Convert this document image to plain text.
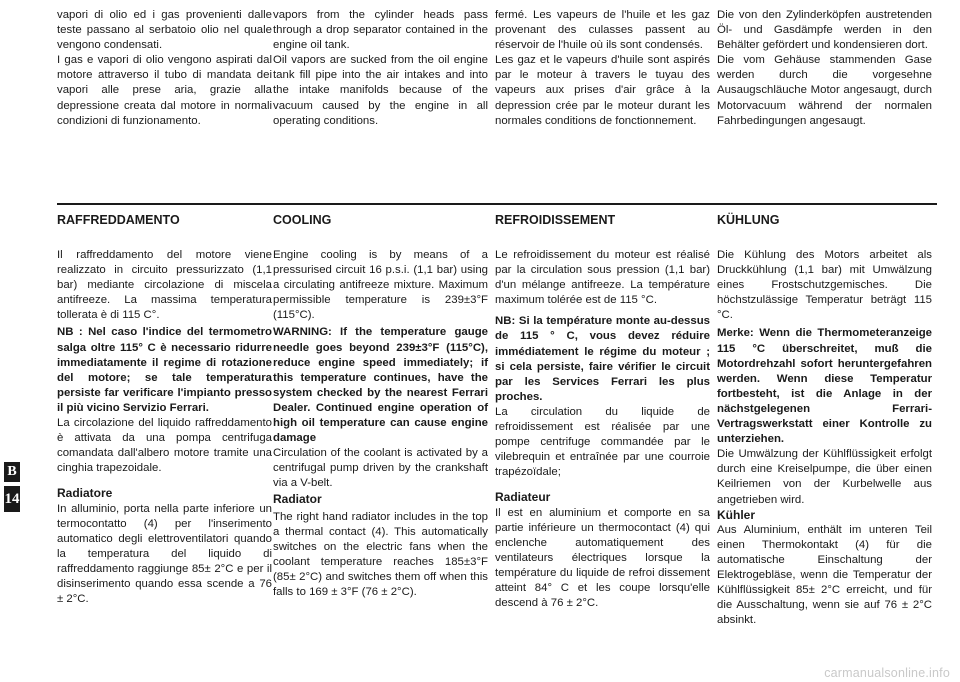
vapori di olio ed i gas provenienti dalle teste passano al serbatoio olio nel quale vengono condensati.

I gas e vapori di olio vengono aspirati dal motore attraverso il tubo di mandata dei vapori alle prese aria, grazie alla depressione creata dal motore in normali condizioni di funzionamento.

vapors from the cylinder heads pass through a drop separator contained in the engine oil tank.

Oil vapors are sucked from the oil engine tank fill pipe into the air intakes and into the intake manifolds because of the vacuum caused by the engine in all operating conditions.

fermé. Les vapeurs de l'huile et les gaz provenant des culasses passent au réservoir de l'huile où ils sont condensés.

Les gaz et le vapeurs d'huile sont aspirés par le moteur à travers le tuyau des vapeurs aux prises d'air grâce à la depression crée par le moteur durant les normales conditions de fonctionnement.

Die von den Zylinderköpfen austretenden Öl- und Gasdämpfe werden in den Behälter gefördert und kondensieren dort.

Die vom Gehäuse stammenden Gase werden durch die vorgesehne Ausaugschläuche Motor angesaugt, durch Motorvacuum während der normalen Fahrbedingungen angesaugt.

RAFFREDDAMENTO	COOLING	REFROIDISSEMENT	KÜHLUNG

Il raffreddamento del motore viene realizzato in circuito pressurizzato (1,1 bar) mediante circolazione di miscela antifreeze. La massima temperatura tollerata è di 115 C°.

NB : Nel caso l'indice del termometro salga oltre 115° C è necessario ridurre immediatamente il regime di rotazione del motore; se tale temperatura persiste far verificare l'impianto presso il più vicino Servizio Ferrari.

La circolazione del liquido raffreddamento è attivata da una pompa centrifuga comandata dall'albero motore tramite una cinghia trapezoidale.

Radiatore

In alluminio, porta nella parte inferiore un termocontatto (4) per l'inserimento automatico degli elettroventilatori quando la temperatura del liquido di raffreddamento raggiunge 85± 2°C e per il disinserimento quando essa scende a 76 ± 2°C.

Engine cooling is by means of a pressurised circuit 16 p.s.i. (1,1 bar) using a circulating antifreeze mixture. Maximum permissible temperature is 239±3°F (115°C).

WARNING: If the temperature gauge needle goes beyond 239±3°F (115°C), reduce engine speed immediately; if this temperature continues, have the system checked by the nearest Ferrari Dealer. Continued engine operation of high oil temperature can cause engine damage

Circulation of the coolant is activated by a centrifugal pump driven by the crankshaft via a V-belt.

Radiator

The right hand radiator includes in the top a thermal contact (4). This automatically switches on the electric fans when the coolant temperature reaches 185±3°F (85± 2°C) and switches them off when this falls to 169 ± 3°F (76 ± 2°C).

Le refroidissement du moteur est réalisé par la circulation sous pression (1,1 bar) d'un mélange antifreeze. La température maximum tolérée est de 115 °C.

NB: Si la température monte au-dessus de 115 ° C, vous devez réduire immédiatement le régime du moteur ; si cela persiste, faire vérifier le circuit par les Services Ferrari les plus proches.

La circulation du liquide de refroidissement est réalisée par une pompe centrifuge commandée par le vilebrequin et entraînée par une courroie trapézoïdale;

Radiateur

Il est en aluminium et comporte en sa partie inférieure un thermocontact (4) qui enclenche automatiquement des ventilateurs électriques lorsque la température du liquide de refroi dissement atteint 84° C et les coupe lorsqu'elle descend à 76 ± 2°C.

Die Kühlung des Motors arbeitet als Druckkühlung (1,1 bar) mit Umwälzung eines Frostschutzgemisches. Die höchstzulässige Temperatur beträgt 115 °C.

Merke: Wenn die Thermometeranzeige 115 °C überschreitet, muß die Motordrehzahl sofort heruntergefahren werden. Wenn diese Temperatur fortbesteht, ist die Anlage in der nächstgelegenen Ferrari-Vertragswerkstatt einer Kontrolle zu unterziehen.

Die Umwälzung der Kühlflüssigkeit erfolgt durch eine Kreiselpumpe, die über einen Keilriemen von der Kurbelwelle aus angetrieben wird.

Kühler

Aus Aluminium, enthält im unteren Teil einen Thermokontakt (4) für die automatische Einschaltung der Elektrogebläse, wenn die Temperatur der Kühlflüssigkeit 85± 2°C erreicht, und für die Ausschaltung, wenn sie auf 76 ± 2°C absinkt.

B
14
carmanualsonline.info
